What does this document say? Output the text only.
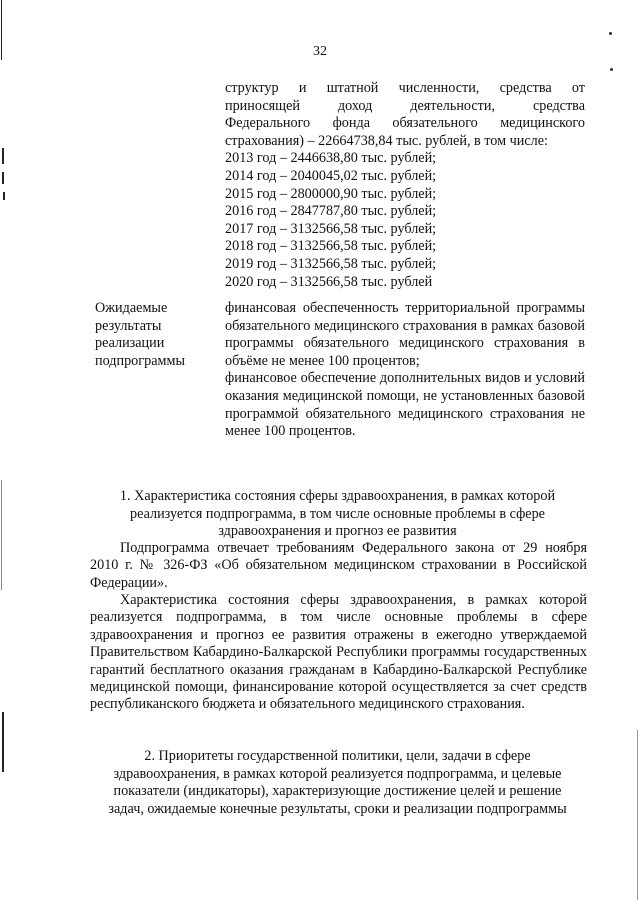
32

структур и штатной численности, средства от

приносящей доход деятельности, средства

Федерального фонда обязательного медицинского

страхования) – 22664738,84 тыс. рублей, в том числе:

2013 год – 2446638,80 тыс. рублей;
2014 год – 2040045,02 тыс. рублей;
2015 год – 2800000,90 тыс. рублей;
2016 год – 2847787,80 тыс. рублей;
2017 год – 3132566,58 тыс. рублей;
2018 год – 3132566,58 тыс. рублей;
2019 год – 3132566,58 тыс. рублей;
2020 год – 3132566,58 тыс. рублей
Ожидаемые
результаты
реализации
подпрограммы

финансовая обеспеченность территориальной программы обязательного медицинского страхования в рамках базовой программы обязательного медицинского страхования в объёме не менее 100 процентов;

финансовое обеспечение дополнительных видов и условий оказания медицинской помощи, не установленных базовой программой обязательного медицинского страхования не менее 100 процентов.

1. Характеристика состояния сферы здравоохранения, в рамках которой
реализуется подпрограмма, в том числе основные проблемы в сфере
здравоохранения и прогноз ее развития

Подпрограмма отвечает требованиям Федерального закона от 29 ноября 2010 г. № 326-ФЗ «Об обязательном медицинском страховании в Российской Федерации».

Характеристика состояния сферы здравоохранения, в рамках которой реализуется подпрограмма, в том числе основные проблемы в сфере здравоохранения и прогноз ее развития отражены в ежегодно утверждаемой Правительством Кабардино-Балкарской Республики программы государственных гарантий бесплатного оказания гражданам в Кабардино-Балкарской Республике медицинской помощи, финансирование которой осуществляется за счет средств республиканского бюджета и обязательного медицинского страхования.

2. Приоритеты государственной политики, цели, задачи в сфере
здравоохранения, в рамках которой реализуется подпрограмма, и целевые
показатели (индикаторы), характеризующие достижение целей и решение
задач, ожидаемые конечные результаты, сроки и реализации подпрограммы
